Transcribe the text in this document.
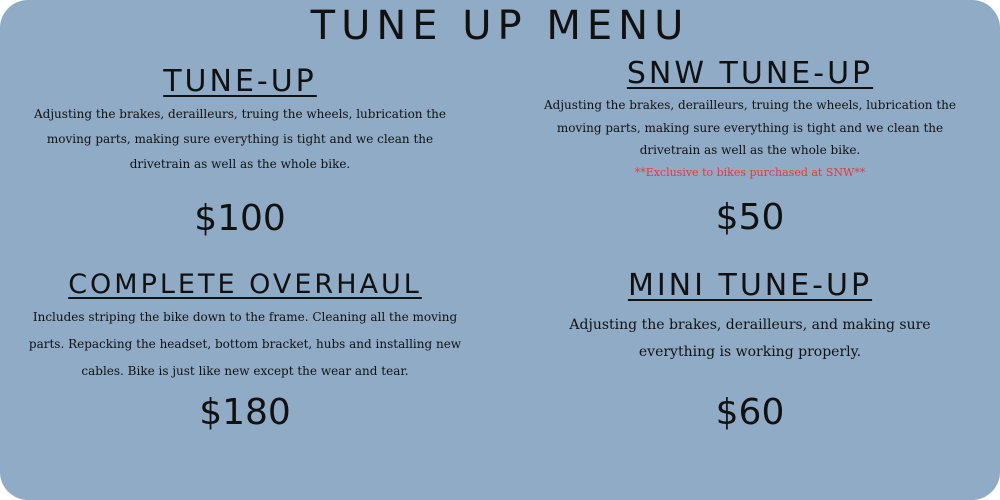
TUNE UP MENU
TUNE-UP

Adjusting the brakes, derailleurs, truing the wheels, lubrication the moving parts, making sure everything is tight and we clean the drivetrain as well as the whole bike.

$100
SNW TUNE-UP

Adjusting the brakes, derailleurs, truing the wheels, lubrication the moving parts, making sure everything is tight and we clean the drivetrain as well as the whole bike.

**Exclusive to bikes purchased at SNW**

$50
COMPLETE OVERHAUL

Includes striping the bike down to the frame. Cleaning all the moving parts. Repacking the headset, bottom bracket, hubs and installing new cables. Bike is just like new except the wear and tear.

$180
MINI TUNE-UP

Adjusting the brakes, derailleurs, and making sure everything is working properly.

$60
